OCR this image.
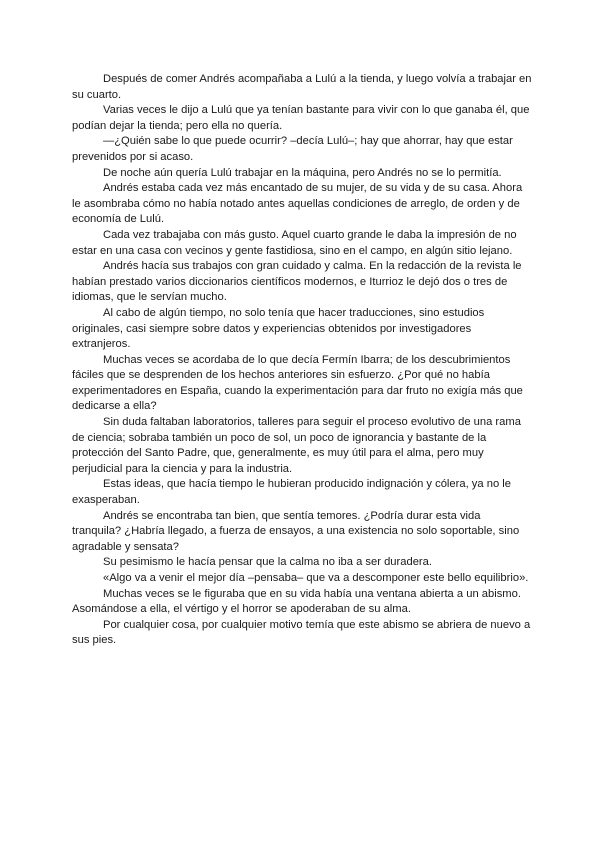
Después de comer Andrés acompañaba a Lulú a la tienda, y luego volvía a trabajar en su cuarto.

Varias veces le dijo a Lulú que ya tenían bastante para vivir con lo que ganaba él, que podían dejar la tienda; pero ella no quería.

—¿Quién sabe lo que puede ocurrir? –decía Lulú–; hay que ahorrar, hay que estar prevenidos por si acaso.

De noche aún quería Lulú trabajar en la máquina, pero Andrés no se lo permitía.

Andrés estaba cada vez más encantado de su mujer, de su vida y de su casa. Ahora le asombraba cómo no había notado antes aquellas condiciones de arreglo, de orden y de economía de Lulú.

Cada vez trabajaba con más gusto. Aquel cuarto grande le daba la impresión de no estar en una casa con vecinos y gente fastidiosa, sino en el campo, en algún sitio lejano.

Andrés hacía sus trabajos con gran cuidado y calma. En la redacción de la revista le habían prestado varios diccionarios científicos modernos, e Iturrioz le dejó dos o tres de idiomas, que le servían mucho.

Al cabo de algún tiempo, no solo tenía que hacer traducciones, sino estudios originales, casi siempre sobre datos y experiencias obtenidos por investigadores extranjeros.

Muchas veces se acordaba de lo que decía Fermín Ibarra; de los descubrimientos fáciles que se desprenden de los hechos anteriores sin esfuerzo. ¿Por qué no había experimentadores en España, cuando la experimentación para dar fruto no exigía más que dedicarse a ella?

Sin duda faltaban laboratorios, talleres para seguir el proceso evolutivo de una rama de ciencia; sobraba también un poco de sol, un poco de ignorancia y bastante de la protección del Santo Padre, que, generalmente, es muy útil para el alma, pero muy perjudicial para la ciencia y para la industria.

Estas ideas, que hacía tiempo le hubieran producido indignación y cólera, ya no le exasperaban.

Andrés se encontraba tan bien, que sentía temores. ¿Podría durar esta vida tranquila? ¿Habría llegado, a fuerza de ensayos, a una existencia no solo soportable, sino agradable y sensata?

Su pesimismo le hacía pensar que la calma no iba a ser duradera.

«Algo va a venir el mejor día –pensaba– que va a descomponer este bello equilibrio».

Muchas veces se le figuraba que en su vida había una ventana abierta a un abismo. Asomándose a ella, el vértigo y el horror se apoderaban de su alma.

Por cualquier cosa, por cualquier motivo temía que este abismo se abriera de nuevo a sus pies.
